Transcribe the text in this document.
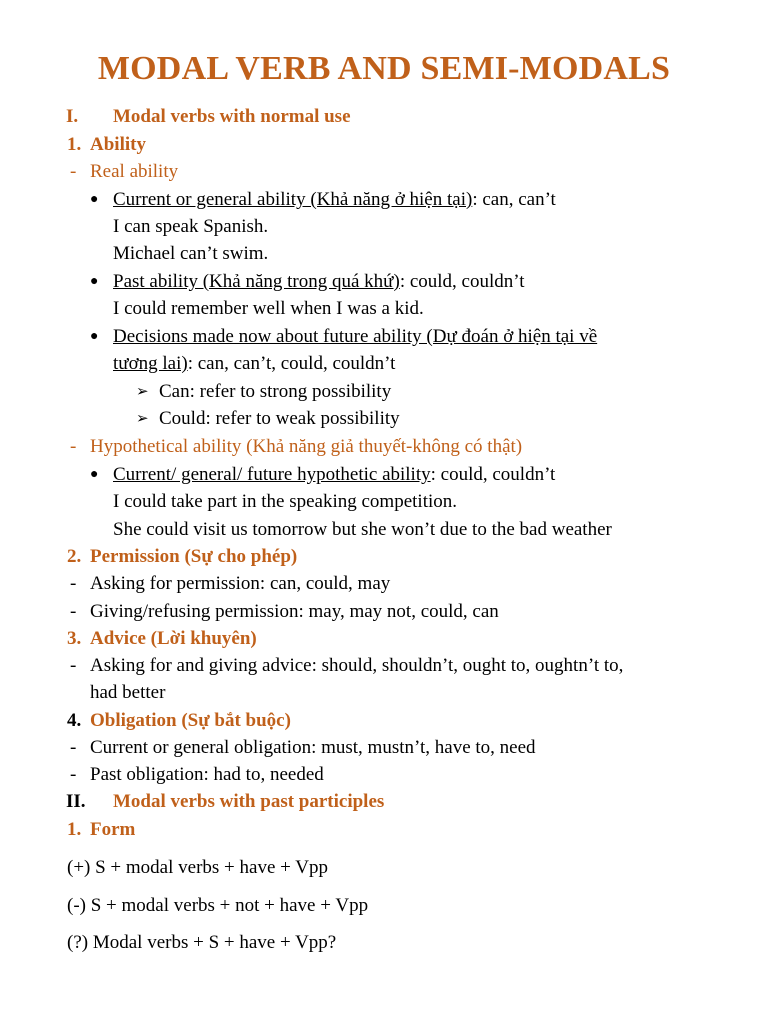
MODAL VERB AND SEMI-MODALS
I. Modal verbs with normal use
1. Ability
- Real ability
● Current or general ability (Khả năng ở hiện tại): can, can’t
I can speak Spanish.
Michael can’t swim.
● Past ability (Khả năng trong quá khứ): could, couldn’t
I could remember well when I was a kid.
● Decisions made now about future ability (Dự đoán ở hiện tại về
tương lai): can, can’t, could, couldn’t
➢ Can: refer to strong possibility
➢ Could: refer to weak possibility
- Hypothetical ability (Khả năng giả thuyết-không có thật)
● Current/ general/ future hypothetic ability: could, couldn’t
I could take part in the speaking competition.
She could visit us tomorrow but she won’t due to the bad weather
2. Permission (Sự cho phép)
- Asking for permission: can, could, may
- Giving/refusing permission: may, may not, could, can
3. Advice (Lời khuyên)
- Asking for and giving advice: should, shouldn’t, ought to, oughtn’t to,
had better
4. Obligation (Sự bắt buộc)
- Current or general obligation: must, mustn’t, have to, need
- Past obligation: had to, needed
II. Modal verbs with past participles
1. Form
(+) S + modal verbs + have + Vpp
(-) S + modal verbs + not + have + Vpp
(?) Modal verbs + S + have + Vpp?
